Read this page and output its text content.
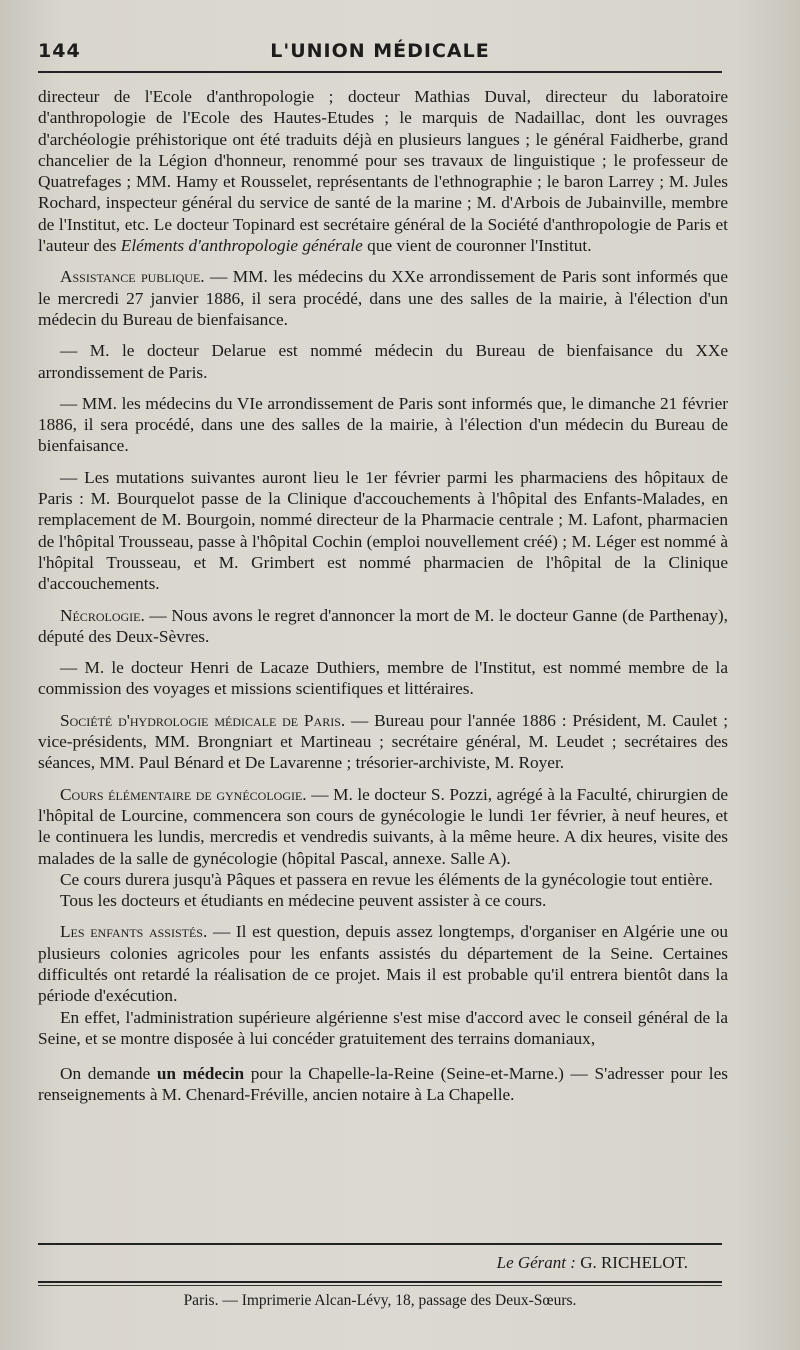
144	L'UNION MÉDICALE

directeur de l'Ecole d'anthropologie ; docteur Mathias Duval, directeur du laboratoire d'anthropologie de l'Ecole des Hautes-Etudes ; le marquis de Nadaillac, dont les ouvrages d'archéologie préhistorique ont été traduits déjà en plusieurs langues ; le général Faidherbe, grand chancelier de la Légion d'honneur, renommé pour ses travaux de linguistique ; le professeur de Quatrefages ; MM. Hamy et Rousselet, représentants de l'ethnographie ; le baron Larrey ; M. Jules Rochard, inspecteur général du service de santé de la marine ; M. d'Arbois de Jubainville, membre de l'Institut, etc. Le docteur Topinard est secrétaire général de la Société d'anthropologie de Paris et l'auteur des Eléments d'anthropologie générale que vient de couronner l'Institut.

Assistance publique. — MM. les médecins du XXe arrondissement de Paris sont informés que le mercredi 27 janvier 1886, il sera procédé, dans une des salles de la mairie, à l'élection d'un médecin du Bureau de bienfaisance.

— M. le docteur Delarue est nommé médecin du Bureau de bienfaisance du XXe arrondissement de Paris.

— MM. les médecins du VIe arrondissement de Paris sont informés que, le dimanche 21 février 1886, il sera procédé, dans une des salles de la mairie, à l'élection d'un médecin du Bureau de bienfaisance.

— Les mutations suivantes auront lieu le 1er février parmi les pharmaciens des hôpitaux de Paris : M. Bourquelot passe de la Clinique d'accouchements à l'hôpital des Enfants-Malades, en remplacement de M. Bourgoin, nommé directeur de la Pharmacie centrale ; M. Lafont, pharmacien de l'hôpital Trousseau, passe à l'hôpital Cochin (emploi nouvellement créé) ; M. Léger est nommé à l'hôpital Trousseau, et M. Grimbert est nommé pharmacien de l'hôpital de la Clinique d'accouchements.

Nécrologie. — Nous avons le regret d'annoncer la mort de M. le docteur Ganne (de Parthenay), député des Deux-Sèvres.

— M. le docteur Henri de Lacaze Duthiers, membre de l'Institut, est nommé membre de la commission des voyages et missions scientifiques et littéraires.

Société d'hydrologie médicale de Paris. — Bureau pour l'année 1886 : Président, M. Caulet ; vice-présidents, MM. Brongniart et Martineau ; secrétaire général, M. Leudet ; secrétaires des séances, MM. Paul Bénard et De Lavarenne ; trésorier-archiviste, M. Royer.

Cours élémentaire de gynécologie. — M. le docteur S. Pozzi, agrégé à la Faculté, chirurgien de l'hôpital de Lourcine, commencera son cours de gynécologie le lundi 1er février, à neuf heures, et le continuera les lundis, mercredis et vendredis suivants, à la même heure. A dix heures, visite des malades de la salle de gynécologie (hôpital Pascal, annexe. Salle A).

Ce cours durera jusqu'à Pâques et passera en revue les éléments de la gynécologie tout entière.

Tous les docteurs et étudiants en médecine peuvent assister à ce cours.

Les enfants assistés. — Il est question, depuis assez longtemps, d'organiser en Algérie une ou plusieurs colonies agricoles pour les enfants assistés du département de la Seine. Certaines difficultés ont retardé la réalisation de ce projet. Mais il est probable qu'il entrera bientôt dans la période d'exécution.

En effet, l'administration supérieure algérienne s'est mise d'accord avec le conseil général de la Seine, et se montre disposée à lui concéder gratuitement des terrains domaniaux,

On demande un médecin pour la Chapelle-la-Reine (Seine-et-Marne.) — S'adresser pour les renseignements à M. Chenard-Fréville, ancien notaire à La Chapelle.

Le Gérant : G. RICHELOT.
Paris. — Imprimerie Alcan-Lévy, 18, passage des Deux-Sœurs.
